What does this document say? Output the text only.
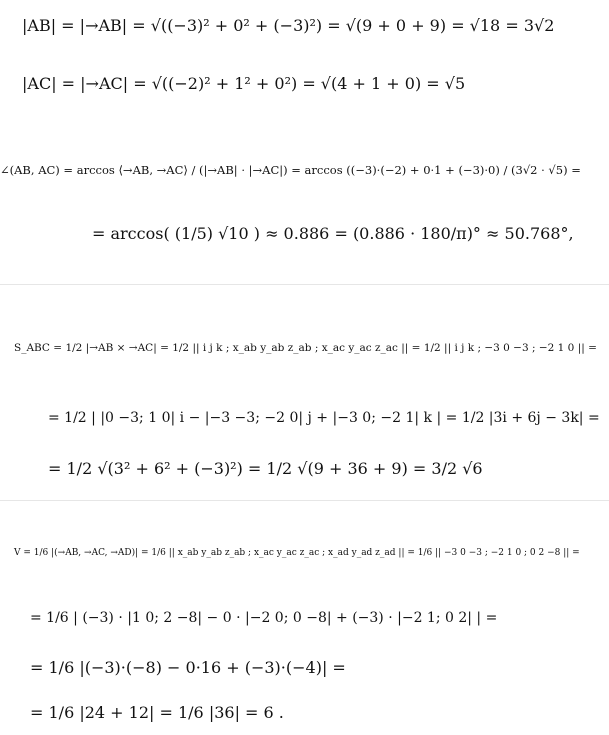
|AB| = |→AB| = √((−3)² + 0² + (−3)²) = √(9 + 0 + 9) = √18 = 3√2
|AC| = |→AC| = √((−2)² + 1² + 0²) = √(4 + 1 + 0) = √5
∠(AB, AC) = arccos ⟨→AB, →AC⟩ / (|→AB| · |→AC|) = arccos ((−3)·(−2) + 0·1 + (−3)·0) / (3√2 · √5) =
= arccos( (1/5) √10 ) ≈ 0.886 = (0.886 · 180/π)° ≈ 50.768°,
S_ABC = 1/2 |→AB × →AC| = 1/2 || i j k ; x_ab y_ab z_ab ; x_ac y_ac z_ac || = 1/2 || i j k ; −3 0 −3 ; −2 1 0 || =
= 1/2 | |0 −3; 1 0| i − |−3 −3; −2 0| j + |−3 0; −2 1| k | = 1/2 |3i + 6j − 3k| =
= 1/2 √(3² + 6² + (−3)²) = 1/2 √(9 + 36 + 9) = 3/2 √6
V = 1/6 |(→AB, →AC, →AD)| = 1/6 || x_ab y_ab z_ab ; x_ac y_ac z_ac ; x_ad y_ad z_ad || = 1/6 || −3 0 −3 ; −2 1 0 ; 0 2 −8 || =
= 1/6 | (−3) · |1 0; 2 −8| − 0 · |−2 0; 0 −8| + (−3) · |−2 1; 0 2| | =
= 1/6 |(−3)·(−8) − 0·16 + (−3)·(−4)| =
= 1/6 |24 + 12| = 1/6 |36| = 6 .
